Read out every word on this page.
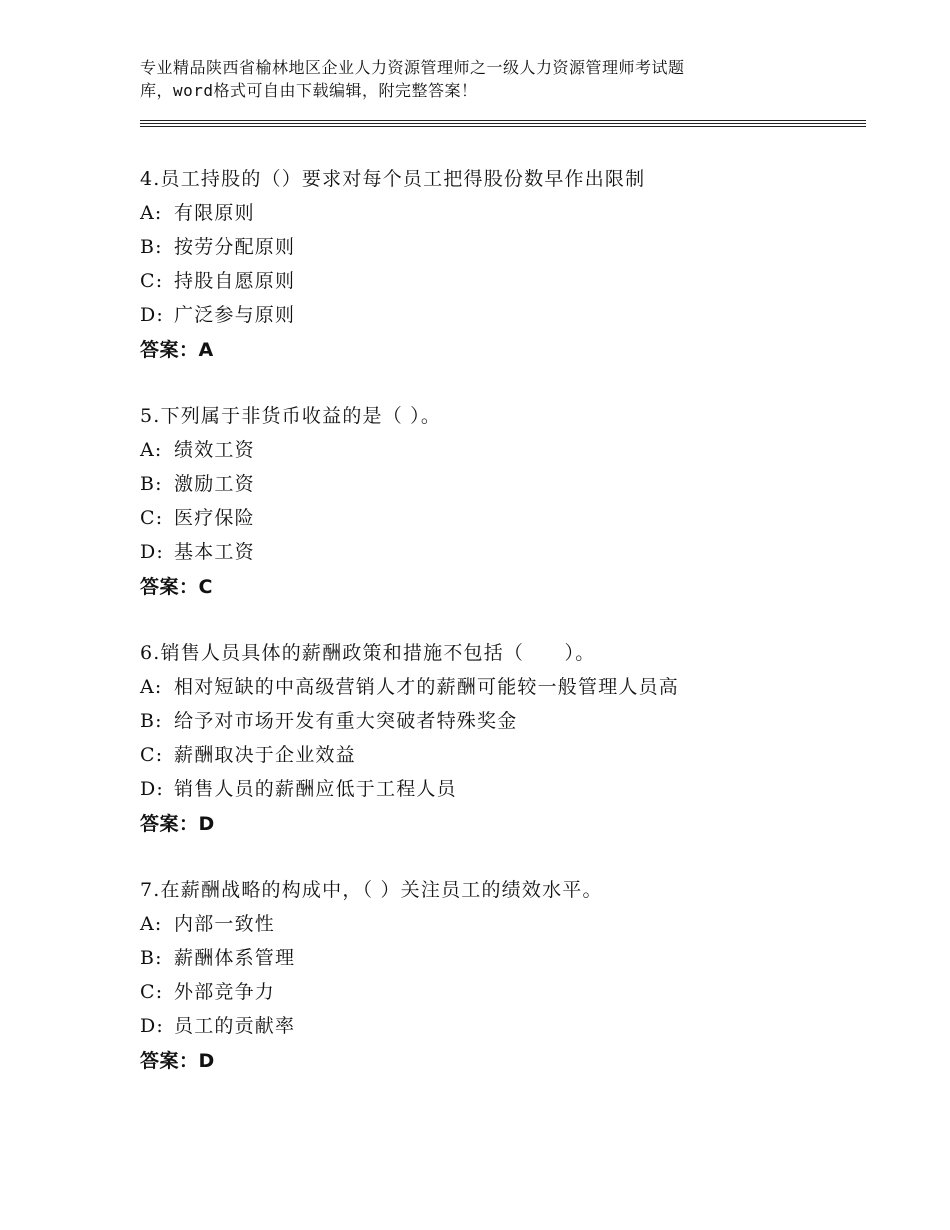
专业精品陕西省榆林地区企业人力资源管理师之一级人力资源管理师考试题
库，word格式可自由下载编辑，附完整答案！
4.员工持股的（）要求对每个员工把得股份数早作出限制
A: 有限原则
B: 按劳分配原则
C: 持股自愿原则
D: 广泛参与原则
答案：A
5.下列属于非货币收益的是（ ）。
A: 绩效工资
B: 激励工资
C: 医疗保险
D: 基本工资
答案：C
6.销售人员具体的薪酬政策和措施不包括（　　）。
A: 相对短缺的中高级营销人才的薪酬可能较一般管理人员高
B: 给予对市场开发有重大突破者特殊奖金
C: 薪酬取决于企业效益
D: 销售人员的薪酬应低于工程人员
答案：D
7.在薪酬战略的构成中，（ ）关注员工的绩效水平。
A: 内部一致性
B: 薪酬体系管理
C: 外部竞争力
D: 员工的贡献率
答案：D
